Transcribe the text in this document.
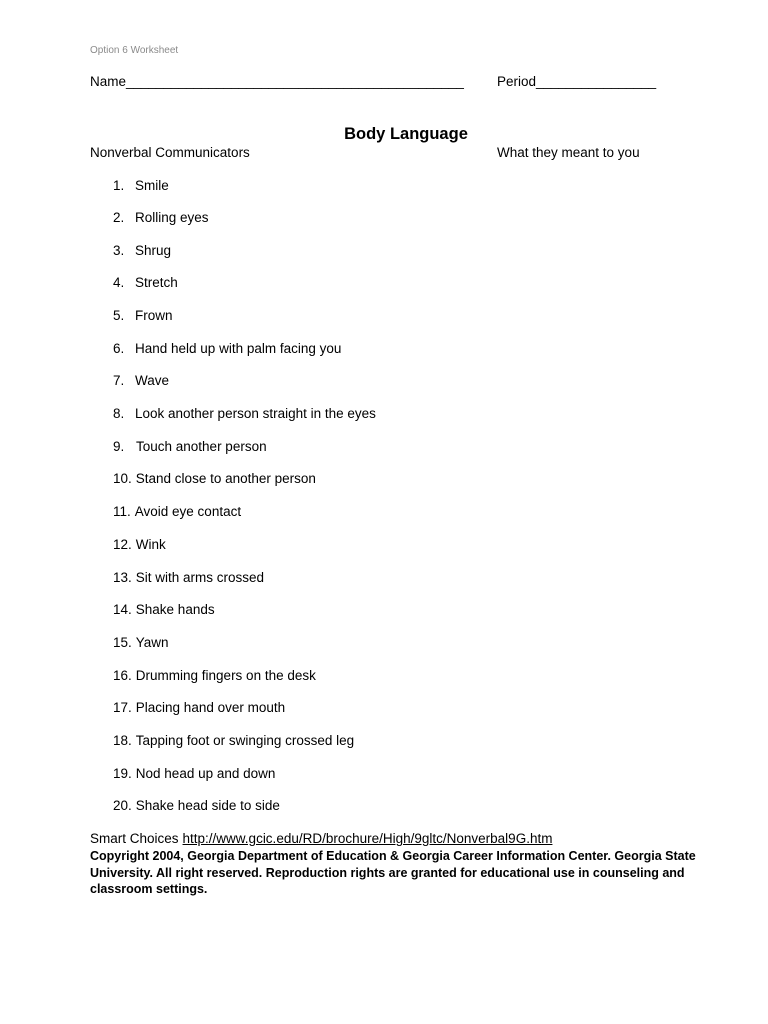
Option 6 Worksheet
Name_____________________________________________ Period________________
Body Language
Nonverbal Communicators	What they meant to you
1. Smile
2. Rolling eyes
3. Shrug
4. Stretch
5. Frown
6. Hand held up with palm facing you
7. Wave
8. Look another person straight in the eyes
9. Touch another person
10. Stand close to another person
11. Avoid eye contact
12. Wink
13. Sit with arms crossed
14. Shake hands
15. Yawn
16. Drumming fingers on the desk
17. Placing hand over mouth
18. Tapping foot or swinging crossed leg
19. Nod head up and down
20. Shake head side to side
Smart Choices http://www.gcic.edu/RD/brochure/High/9gltc/Nonverbal9G.htm
Copyright 2004, Georgia Department of Education & Georgia Career Information Center. Georgia State University. All right reserved. Reproduction rights are granted for educational use in counseling and classroom settings.
